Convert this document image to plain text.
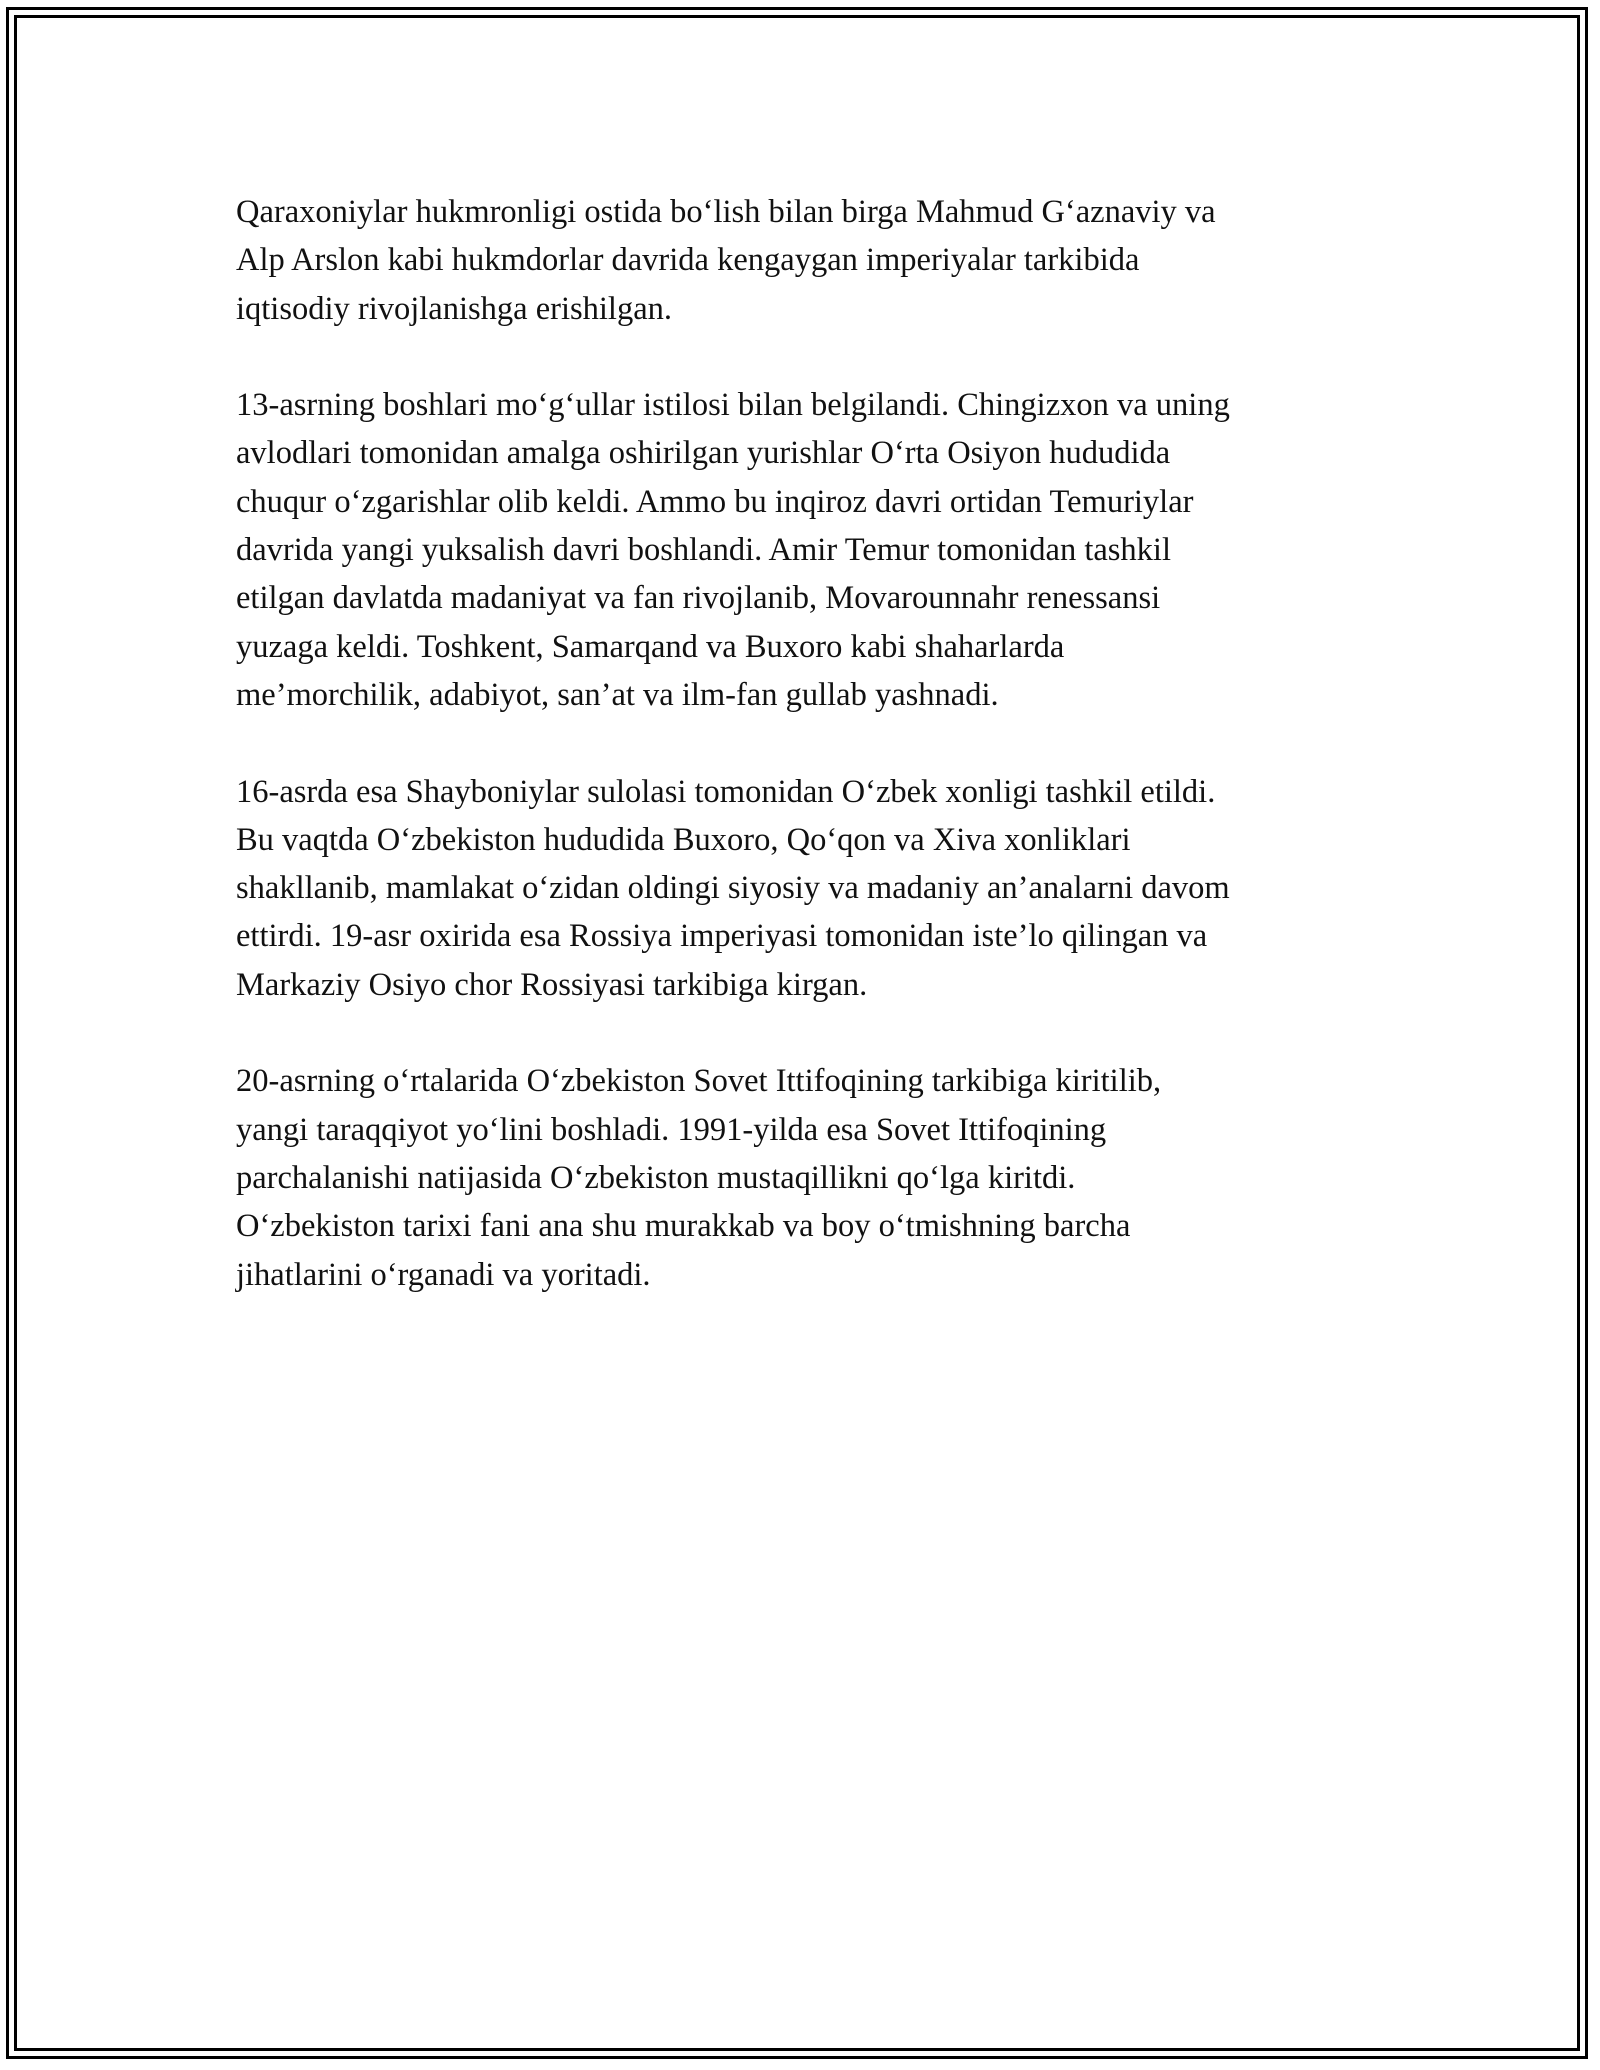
Qaraxoniylar hukmronligi ostida bo‘lish bilan birga Mahmud G‘aznaviy va
Alp Arslon kabi hukmdorlar davrida kengaygan imperiyalar tarkibida
iqtisodiy rivojlanishga erishilgan.

13-asrning boshlari mo‘g‘ullar istilosi bilan belgilandi. Chingizxon va uning
avlodlari tomonidan amalga oshirilgan yurishlar O‘rta Osiyon hududida
chuqur o‘zgarishlar olib keldi. Ammo bu inqiroz davri ortidan Temuriylar
davrida yangi yuksalish davri boshlandi. Amir Temur tomonidan tashkil
etilgan davlatda madaniyat va fan rivojlanib, Movarounnahr renessansi
yuzaga keldi. Toshkent, Samarqand va Buxoro kabi shaharlarda
me’morchilik, adabiyot, san’at va ilm-fan gullab yashnadi.

16-asrda esa Shayboniylar sulolasi tomonidan O‘zbek xonligi tashkil etildi.
Bu vaqtda O‘zbekiston hududida Buxoro, Qo‘qon va Xiva xonliklari
shakllanib, mamlakat o‘zidan oldingi siyosiy va madaniy an’analarni davom
ettirdi. 19-asr oxirida esa Rossiya imperiyasi tomonidan iste’lo qilingan va
Markaziy Osiyo chor Rossiyasi tarkibiga kirgan.

20-asrning o‘rtalarida O‘zbekiston Sovet Ittifoqining tarkibiga kiritilib,
yangi taraqqiyot yo‘lini boshladi. 1991-yilda esa Sovet Ittifoqining
parchalanishi natijasida O‘zbekiston mustaqillikni qo‘lga kiritdi.
O‘zbekiston tarixi fani ana shu murakkab va boy o‘tmishning barcha
jihatlarini o‘rganadi va yoritadi.
